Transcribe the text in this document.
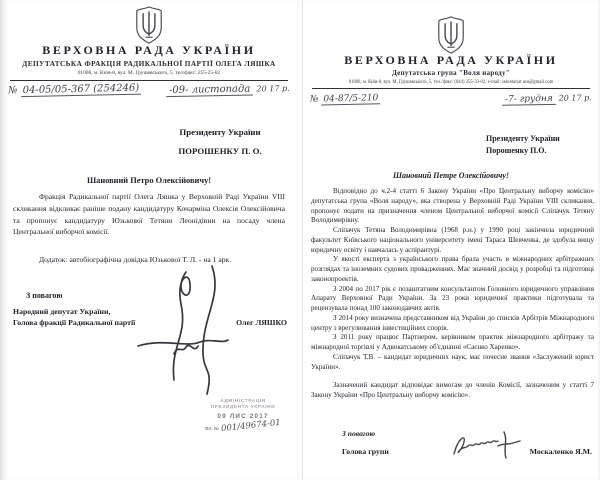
ВЕРХОВНА РАДА УКРАЇНИ
ДЕПУТАТСЬКА ФРАКЦІЯ РАДИКАЛЬНОЇ ПАРТІЇ ОЛЕГА ЛЯШКА
01008, м. Київ-8, вул. М. Грушевського, 5, тел/факс: 255-25-82
№ 04-05/05-367 (254246)	-09- листопада 20 17 р.
Президенту України
ПОРОШЕНКУ П. О.
Шановний Петро Олексійовичу!

Фракція Радикальної партії Олега Ляшка у Верховній Раді України VIII скликання відкликає раніше подану кандидатуру Кочарміна Олексія Олексійовича та пропонує кандидатуру Юзькової Тетяни Леонідівни на посаду члена Центральної виборчої комісії.

Додаток: автобіографічна довідка Юзькової Т. Л. - на 1 арк.
З повагою
Народний депутат України,
Голова фракції Радикальної партії	Олег ЛЯШКО
АДМІНІСТРАЦІЯ
ПРЕЗИДЕНТА УКРАЇНИ
09 ЛИС 2017
ВХ. № 001/49674-01
ВЕРХОВНА РАДА УКРАЇНИ
Депутатська група "Воля народу"
01008, м. Київ-8, вул. М. Грушевського, 5, тел./факс: (044) 255-33-02, e-mail: sekretariat.seu@gmail.com
№ 04-87/5-210	-7- грудня 20 17 р.
Президенту України
Порошенку П.О.
Шановний Петре Олексійовичу!

Відповідно до ч.2-4 статті 6 Закону України «Про Центральну виборчу комісію» депутатська група «Воля народу», яка створена у Верховній Раді України VIII скликання, пропонує подати на призначення членом Центральної виборчої комісії Сліпачук Тетяну Володимирівну.

Сліпачук Тетяна Володимирівна (1968 р.н.) у 1990 році закінчила юридичний факультет Київського національного університету імені Тараса Шевченка, де здобула вищу юридичну освіту і навчалась у аспірантурі.

У якості експерта з українського права брала участь в міжнародних арбітражних розглядах та іноземних судових провадженнях. Має значний досвід у розробці та підготовці законопроектів.

З 2004 по 2017 рік є позаштатним консультантом Головного юридичного управління Апарату Верховної Ради України. За 23 роки юридичної практики підготувала та рецензувала понад 100 законодавчих актів.

З 2014 року визначена представником від України до списків Арбітрів Міжнародного центру з врегулювання інвестиційних спорів.

З 2011 року працює Партнером, керівником практик міжнародного арбітражу та міжнародної торгівлі у Адвокатському об'єднанні «Саєнко Харенко».

Сліпачук Т.В. – кандидат юридичних наук, має почесне звання «Заслужений юрист України».

Зазначений кандидат відповідає вимогам до членів Комісії, зазначеним у статті 7 Закону України «Про Центральну виборчу комісію».

З повагою
Голова групи	Москаленко Я.М.
